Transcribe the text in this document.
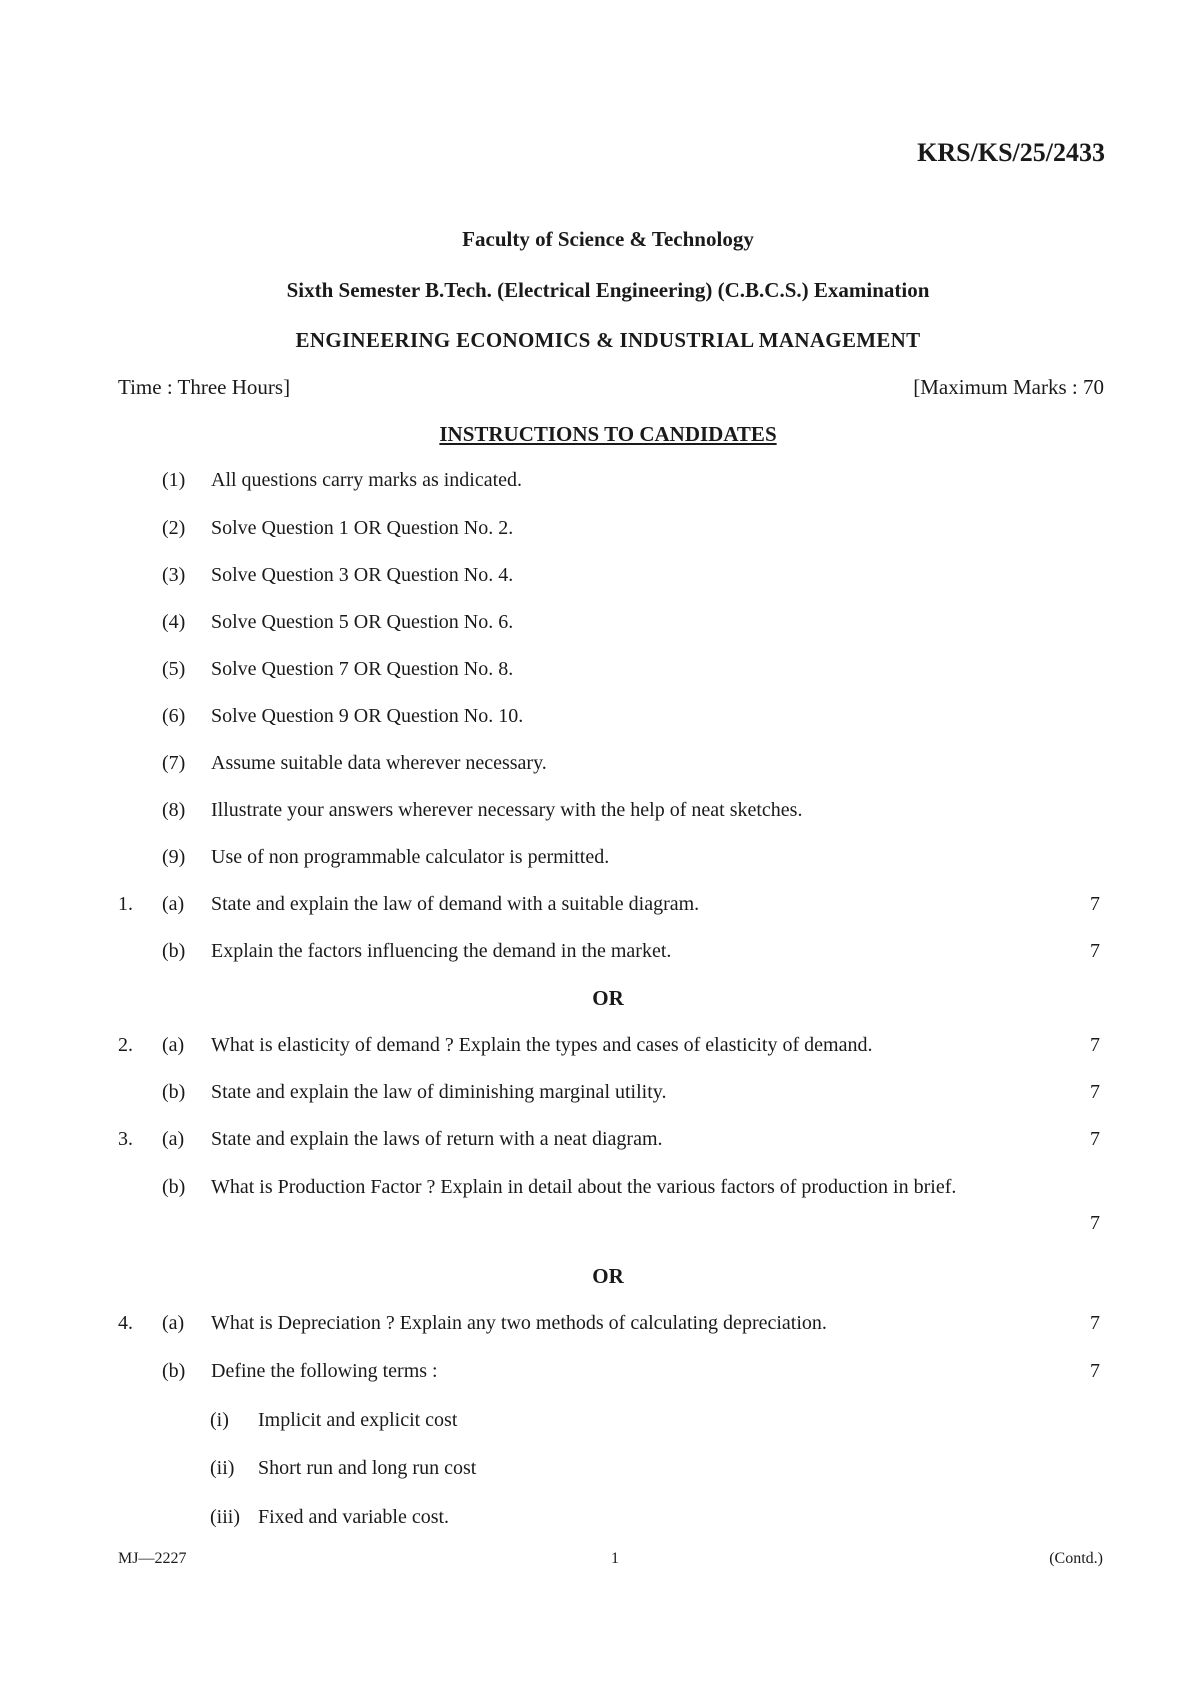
KRS/KS/25/2433
Faculty of Science & Technology
Sixth Semester B.Tech. (Electrical Engineering) (C.B.C.S.) Examination
ENGINEERING ECONOMICS & INDUSTRIAL MANAGEMENT
Time : Three Hours]	[Maximum Marks : 70
INSTRUCTIONS TO CANDIDATES
(1) All questions carry marks as indicated.
(2) Solve Question 1 OR Question No. 2.
(3) Solve Question 3 OR Question No. 4.
(4) Solve Question 5 OR Question No. 6.
(5) Solve Question 7 OR Question No. 8.
(6) Solve Question 9 OR Question No. 10.
(7) Assume suitable data wherever necessary.
(8) Illustrate your answers wherever necessary with the help of neat sketches.
(9) Use of non programmable calculator is permitted.
1. (a) State and explain the law of demand with a suitable diagram.	7
(b) Explain the factors influencing the demand in the market.	7
OR
2. (a) What is elasticity of demand ? Explain the types and cases of elasticity of demand.	7
(b) State and explain the law of diminishing marginal utility.	7
3. (a) State and explain the laws of return with a neat diagram.	7
(b) What is Production Factor ? Explain in detail about the various factors of production in brief.
7
OR
4. (a) What is Depreciation ? Explain any two methods of calculating depreciation.	7
(b) Define the following terms :	7
(i) Implicit and explicit cost
(ii) Short run and long run cost
(iii) Fixed and variable cost.
MJ—2227	1	(Contd.)
